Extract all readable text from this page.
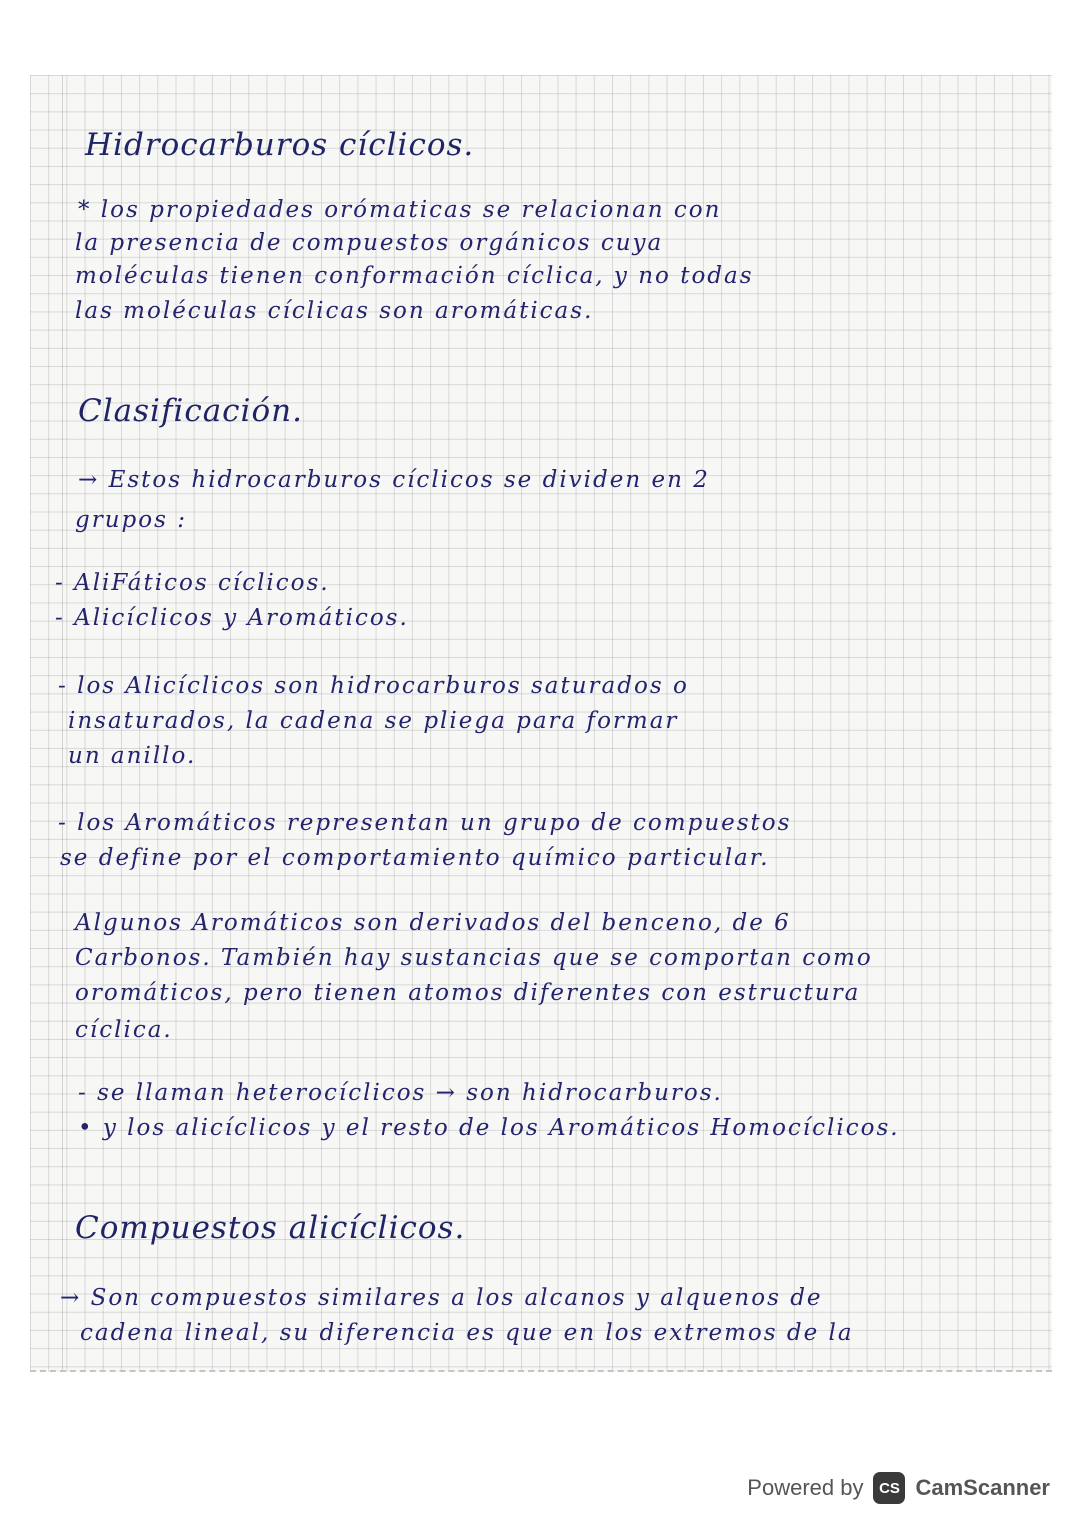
Hidrocarburos cíclicos.
* los propiedades orómaticas se relacionan con
la presencia de compuestos orgánicos cuya
moléculas tienen conformación cíclica, y no todas
las moléculas cíclicas son aromáticas.
Clasificación.
→ Estos hidrocarburos cíclicos se dividen en 2
grupos :
- AliFáticos cíclicos.
- Alicíclicos y Aromáticos.
- los Alicíclicos son hidrocarburos saturados o
insaturados, la cadena se pliega para formar
un anillo.
- los Aromáticos representan un grupo de compuestos
se define por el comportamiento químico particular.
Algunos Aromáticos son derivados del benceno, de 6
Carbonos. También hay sustancias que se comportan como
oromáticos, pero tienen atomos diferentes con estructura
cíclica.
- se llaman heterocíclicos → son hidrocarburos.
• y los alicíclicos y el resto de los Aromáticos Homocíclicos.
Compuestos alicíclicos.
→ Son compuestos similares a los alcanos y alquenos de
cadena lineal, su diferencia es que en los extremos de la
Powered by	CS CamScanner
